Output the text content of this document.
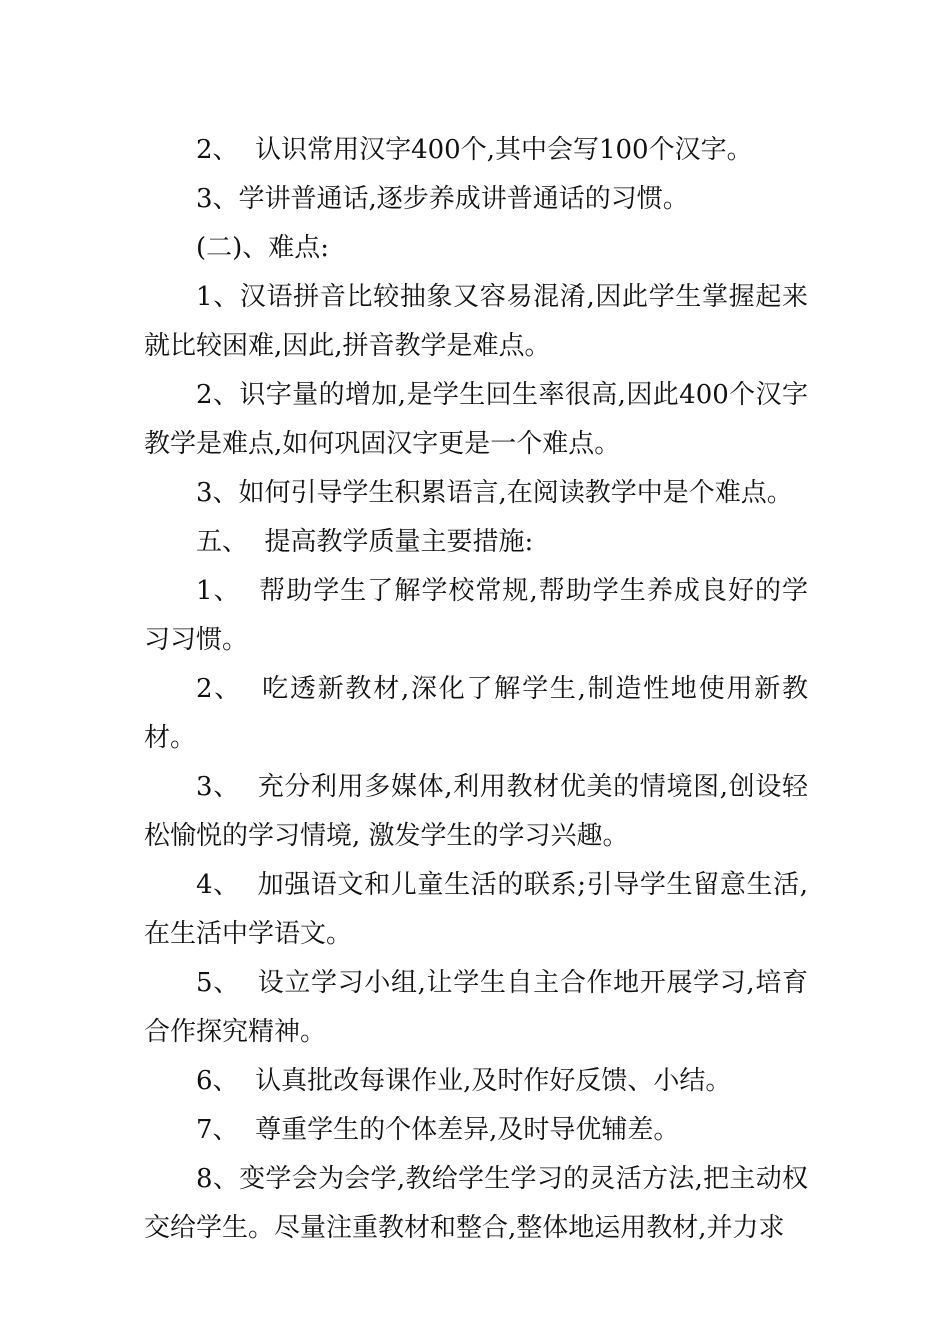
2、  认识常用汉字400个,其中会写100个汉字。

3、学讲普通话,逐步养成讲普通话的习惯。

(二)、难点:

1、汉语拼音比较抽象又容易混淆,因此学生掌握起来就比较困难,因此,拼音教学是难点。

2、识字量的增加,是学生回生率很高,因此400个汉字教学是难点,如何巩固汉字更是一个难点。

3、如何引导学生积累语言,在阅读教学中是个难点。

五、  提高教学质量主要措施:

1、  帮助学生了解学校常规,帮助学生养成良好的学习习惯。

2、  吃透新教材,深化了解学生,制造性地使用新教材。

3、  充分利用多媒体,利用教材优美的情境图,创设轻松愉悦的学习情境, 激发学生的学习兴趣。

4、  加强语文和儿童生活的联系;引导学生留意生活,在生活中学语文。

5、  设立学习小组,让学生自主合作地开展学习,培育合作探究精神。

6、  认真批改每课作业,及时作好反馈、小结。

7、  尊重学生的个体差异,及时导优辅差。

8、变学会为会学,教给学生学习的灵活方法,把主动权交给学生。尽量注重教材和整合,整体地运用教材,并力求
